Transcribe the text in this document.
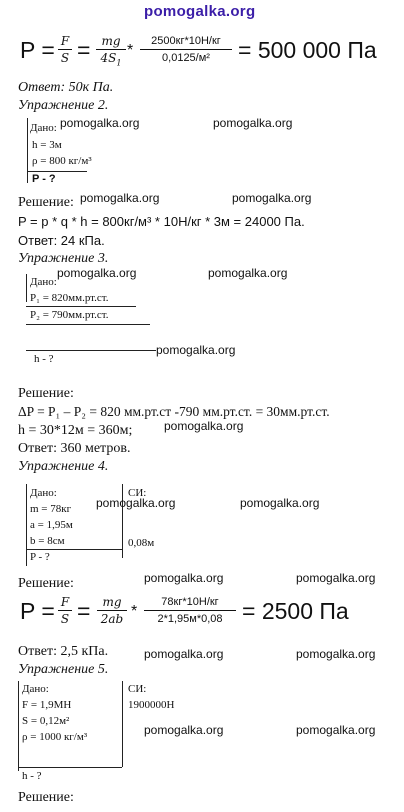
pomogalka.org
P = F
S = mg
$4S_1$
*
2500кг*10Н/кг
0,0125/м²	= 500 000 Па
Ответ: 50к Па.
Упражнение 2.
Дано: pomogalka.org	pomogalka.org
h = 3м
ρ = 800 кг/м³
P - ?
Решение: pomogalka.org	pomogalka.org
P = p * q * h = 800кг/м³ * 10Н/кг * 3м = 24000 Па.
Ответ: 24 кПа.
Упражнение 3.
pomogalka.org	pomogalka.org
Дано:
P₁ = 820мм.рт.ст.
P₂ = 790мм.рт.ст.
pomogalka.org
h - ?
Решение:
ΔP = P₁ – P₂ = 820 мм.рт.ст -790 мм.рт.ст. = 30мм.рт.ст.
h = 30*12м = 360м;	pomogalka.org
Ответ: 360 метров.
Упражнение 4.
Дано:	СИ:
pomogalka.org	pomogalka.org
m = 78кг
a = 1,95м
b = 8см	0,08м
P - ?
Решение:	pomogalka.org	pomogalka.org
P = F
S =	mg
2ab *
78кг*10Н/кг
2*1,95м*0,08 = 2500 Па
Ответ: 2,5 кПа.	pomogalka.org	pomogalka.org
Упражнение 5.
Дано:	СИ:
F = 1,9МН	1900000Н
S = 0,12м²
ρ = 1000 кг/м³	pomogalka.org	pomogalka.org
h - ?
Решение:
